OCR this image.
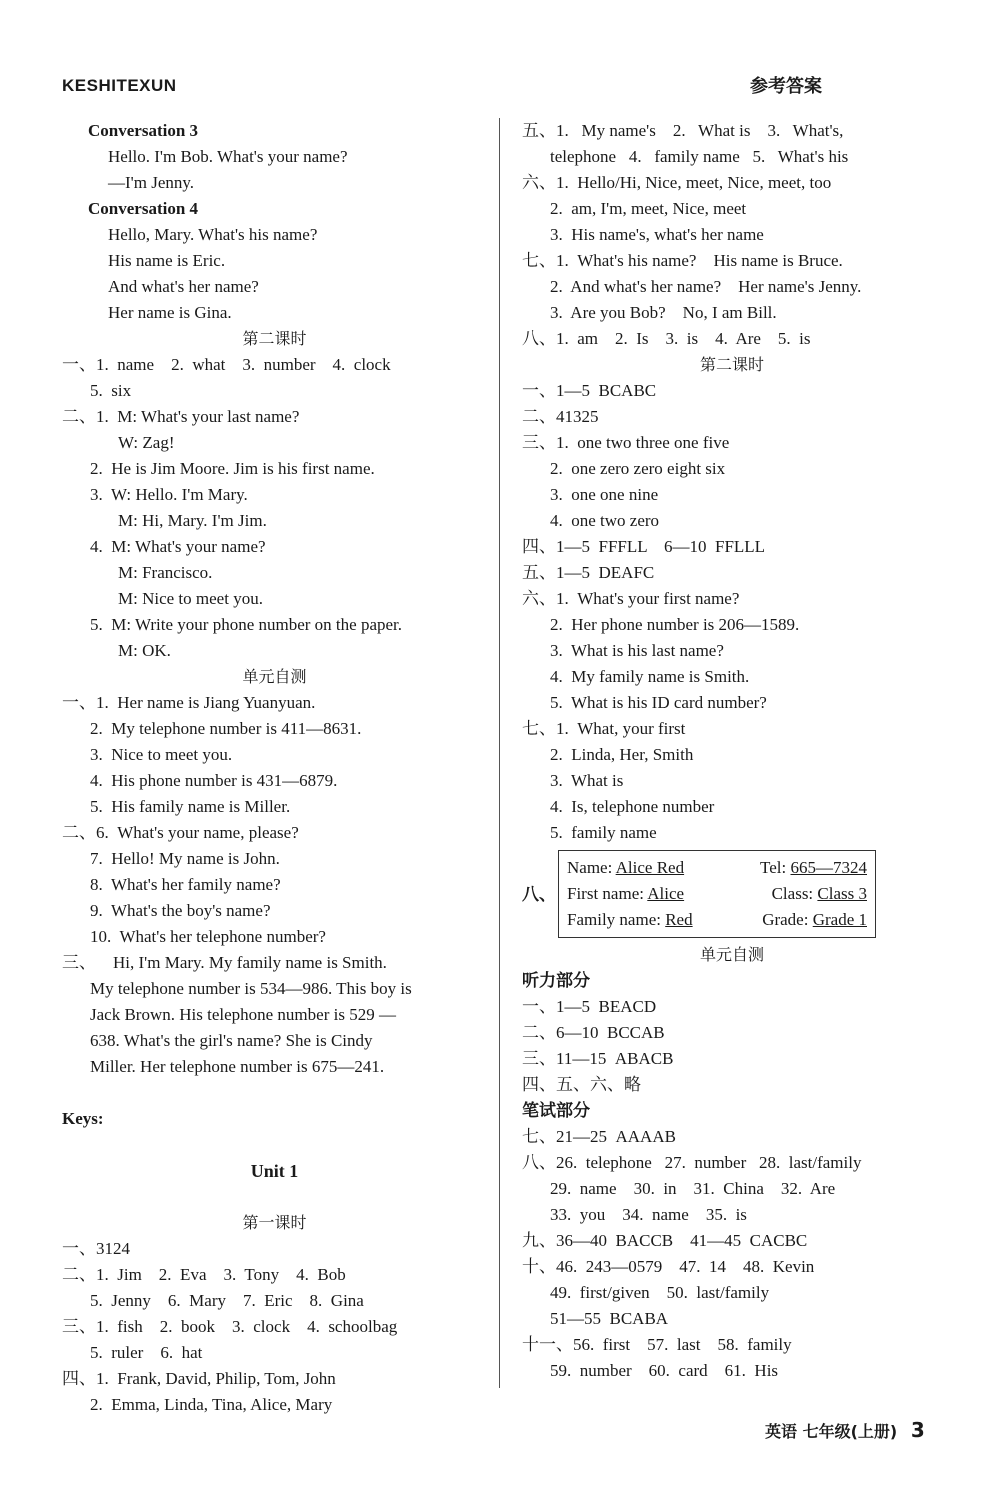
KESHITEXUN	参考答案
Conversation 3
Hello. I'm Bob. What's your name?
—I'm Jenny.
Conversation 4
Hello, Mary. What's his name?
His name is Eric.
And what's her name?
Her name is Gina.
第二课时
一、1.  name    2.  what    3.  number    4.  clock
5.  six
二、1.  M: What's your last name?
W: Zag!
2.  He is Jim Moore. Jim is his first name.
3.  W: Hello. I'm Mary.
M: Hi, Mary. I'm Jim.
4.  M: What's your name?
M: Francisco.
M: Nice to meet you.
5.  M: Write your phone number on the paper.
M: OK.
单元自测
一、1.  Her name is Jiang Yuanyuan.
2.  My telephone number is 411—8631.
3.  Nice to meet you.
4.  His phone number is 431—6879.
5.  His family name is Miller.
二、6.  What's your name, please?
7.  Hello! My name is John.
8.  What's her family name?
9.  What's the boy's name?
10.  What's her telephone number?
三、    Hi, I'm Mary. My family name is Smith.
My telephone number is 534—986. This boy is
Jack Brown. His telephone number is 529 —
638. What's the girl's name? She is Cindy
Miller. Her telephone number is 675—241.
Keys:
Unit 1
第一课时
一、3124
二、1.  Jim    2.  Eva    3.  Tony    4.  Bob
5.  Jenny    6.  Mary    7.  Eric    8.  Gina
三、1.  fish    2.  book    3.  clock    4.  schoolbag
5.  ruler    6.  hat
四、1.  Frank, David, Philip, Tom, John
2.  Emma, Linda, Tina, Alice, Mary
五、1.   My name's    2.   What is    3.   What's,
telephone   4.   family name   5.   What's his
六、1.  Hello/Hi, Nice, meet, Nice, meet, too
2.  am, I'm, meet, Nice, meet
3.  His name's, what's her name
七、1.  What's his name?    His name is Bruce.
2.  And what's her name?    Her name's Jenny.
3.  Are you Bob?    No, I am Bill.
八、1.  am    2.  Is    3.  is    4.  Are    5.  is
第二课时
一、1—5  BCABC
二、41325
三、1.  one two three one five
2.  one zero zero eight six
3.  one one nine
4.  one two zero
四、1—5  FFFLL    6—10  FFLLL
五、1—5  DEAFC
六、1.  What's your first name?
2.  Her phone number is 206—1589.
3.  What is his last name?
4.  My family name is Smith.
5.  What is his ID card number?
七、1.  What, your first
2.  Linda, Her, Smith
3.  What is
4.  Is, telephone number
5.  family name
八、
Name: Alice Red	Tel: 665—7324
First name: Alice	Class: Class 3
Family name: Red	Grade: Grade 1
单元自测
听力部分
一、1—5  BEACD
二、6—10  BCCAB
三、11—15  ABACB
四、五、六、略
笔试部分
七、21—25  AAAAB
八、26.  telephone   27.  number   28.  last/family
29.  name    30.  in    31.  China    32.  Are
33.  you    34.  name    35.  is
九、36—40  BACCB    41—45  CACBC
十、46.  243—0579    47.  14    48.  Kevin
49.  first/given    50.  last/family
51—55  BCABA
十一、56.  first    57.  last    58.  family
59.  number    60.  card    61.  His
英语 七年级(上册) 3
